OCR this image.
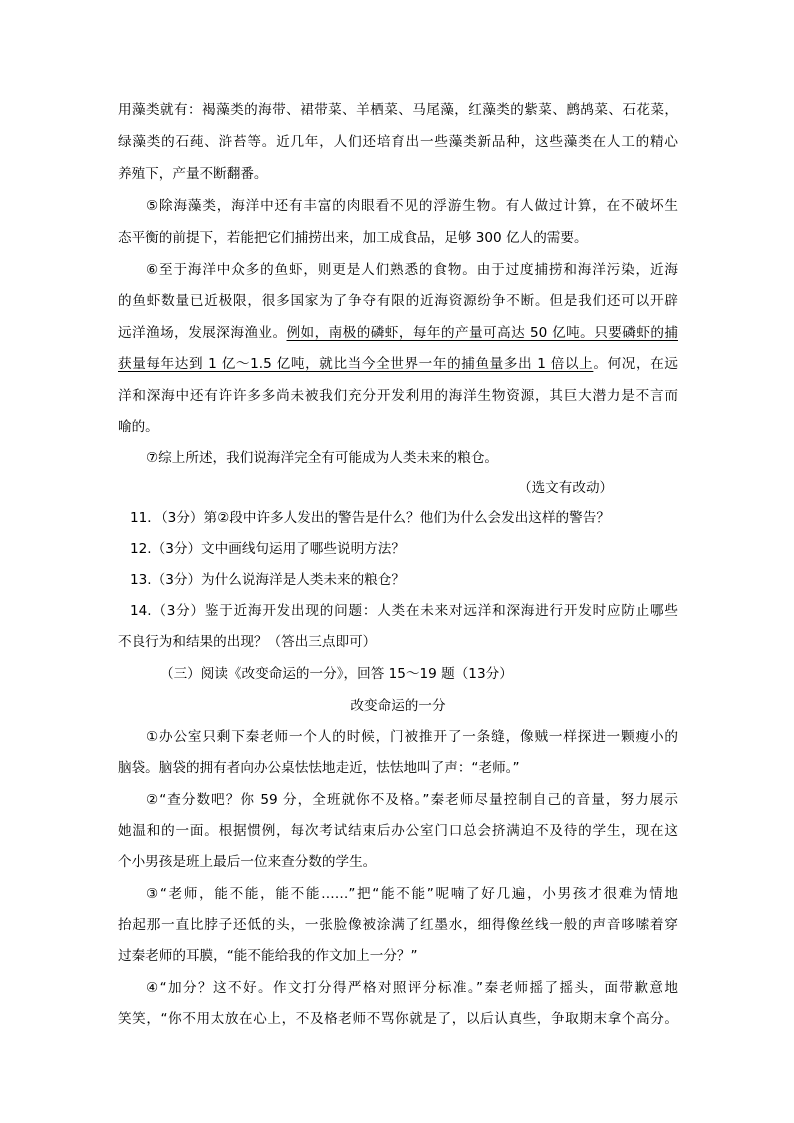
用藻类就有：褐藻类的海带、裙带菜、羊栖菜、马尾藻，红藻类的紫菜、鹧鸪菜、石花菜，
绿藻类的石莼、浒苔等。近几年，人们还培育出一些藻类新品种，这些藻类在人工的精心
养殖下，产量不断翻番。
⑤除海藻类，海洋中还有丰富的肉眼看不见的浮游生物。有人做过计算，在不破坏生
态平衡的前提下，若能把它们捕捞出来，加工成食品，足够 300 亿人的需要。
⑥至于海洋中众多的鱼虾，则更是人们熟悉的食物。由于过度捕捞和海洋污染，近海
的鱼虾数量已近极限，很多国家为了争夺有限的近海资源纷争不断。但是我们还可以开辟
远洋渔场，发展深海渔业。例如，南极的磷虾，每年的产量可高达 50 亿吨。只要磷虾的捕
获量每年达到 1 亿～1.5 亿吨，就比当今全世界一年的捕鱼量多出 1 倍以上。何况，在远
洋和深海中还有许许多多尚未被我们充分开发利用的海洋生物资源，其巨大潜力是不言而
喻的。
⑦综上所述，我们说海洋完全有可能成为人类未来的粮仓。
（选文有改动）
11．（3分）第②段中许多人发出的警告是什么？他们为什么会发出这样的警告？
12.（3分）文中画线句运用了哪些说明方法？
13.（3分）为什么说海洋是人类未来的粮仓？
14.（3分）鉴于近海开发出现的问题：人类在未来对远洋和深海进行开发时应防止哪些
不良行为和结果的出现？（答出三点即可）
（三）阅读《改变命运的一分》，回答 15～19 题（13分）
改变命运的一分
①办公室只剩下秦老师一个人的时候，门被推开了一条缝，像贼一样探进一颗瘦小的
脑袋。脑袋的拥有者向办公桌怯怯地走近，怯怯地叫了声：“老师。”
②“查分数吧？你 59 分，全班就你不及格。”秦老师尽量控制自己的音量，努力展示
她温和的一面。根据惯例，每次考试结束后办公室门口总会挤满迫不及待的学生，现在这
个小男孩是班上最后一位来查分数的学生。
③“老师，能不能，能不能……”把“能不能”呢喃了好几遍，小男孩才很难为情地
抬起那一直比脖子还低的头，一张脸像被涂满了红墨水，细得像丝线一般的声音哆嗦着穿
过秦老师的耳膜，“能不能给我的作文加上一分？”
④“加分？这不好。作文打分得严格对照评分标准。”秦老师摇了摇头，面带歉意地
笑笑，“你不用太放在心上，不及格老师不骂你就是了，以后认真些，争取期末拿个高分。
